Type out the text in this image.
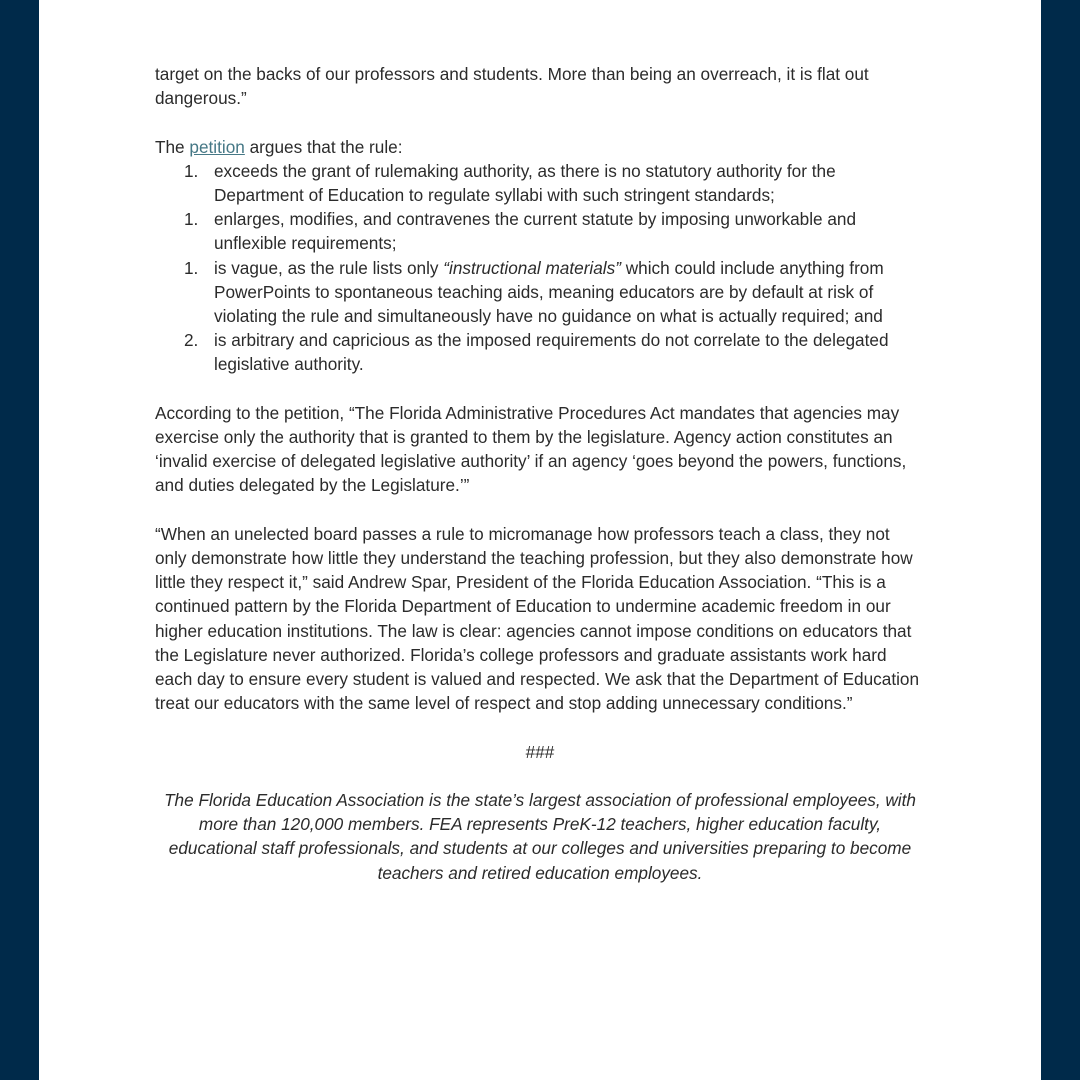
target on the backs of our professors and students. More than being an overreach, it is flat out dangerous.”

The petition argues that the rule:

1. exceeds the grant of rulemaking authority, as there is no statutory authority for the Department of Education to regulate syllabi with such stringent standards;
1. enlarges, modifies, and contravenes the current statute by imposing unworkable and unflexible requirements;
1. is vague, as the rule lists only “instructional materials” which could include anything from PowerPoints to spontaneous teaching aids, meaning educators are by default at risk of violating the rule and simultaneously have no guidance on what is actually required; and
2. is arbitrary and capricious as the imposed requirements do not correlate to the delegated legislative authority.

According to the petition, “The Florida Administrative Procedures Act mandates that agencies may exercise only the authority that is granted to them by the legislature. Agency action constitutes an ‘invalid exercise of delegated legislative authority’ if an agency ‘goes beyond the powers, functions, and duties delegated by the Legislature.’”

“When an unelected board passes a rule to micromanage how professors teach a class, they not only demonstrate how little they understand the teaching profession, but they also demonstrate how little they respect it,” said Andrew Spar, President of the Florida Education Association. “This is a continued pattern by the Florida Department of Education to undermine academic freedom in our higher education institutions. The law is clear: agencies cannot impose conditions on educators that the Legislature never authorized. Florida’s college professors and graduate assistants work hard each day to ensure every student is valued and respected. We ask that the Department of Education treat our educators with the same level of respect and stop adding unnecessary conditions.”

###

The Florida Education Association is the state’s largest association of professional employees, with more than 120,000 members. FEA represents PreK-12 teachers, higher education faculty, educational staff professionals, and students at our colleges and universities preparing to become teachers and retired education employees.
